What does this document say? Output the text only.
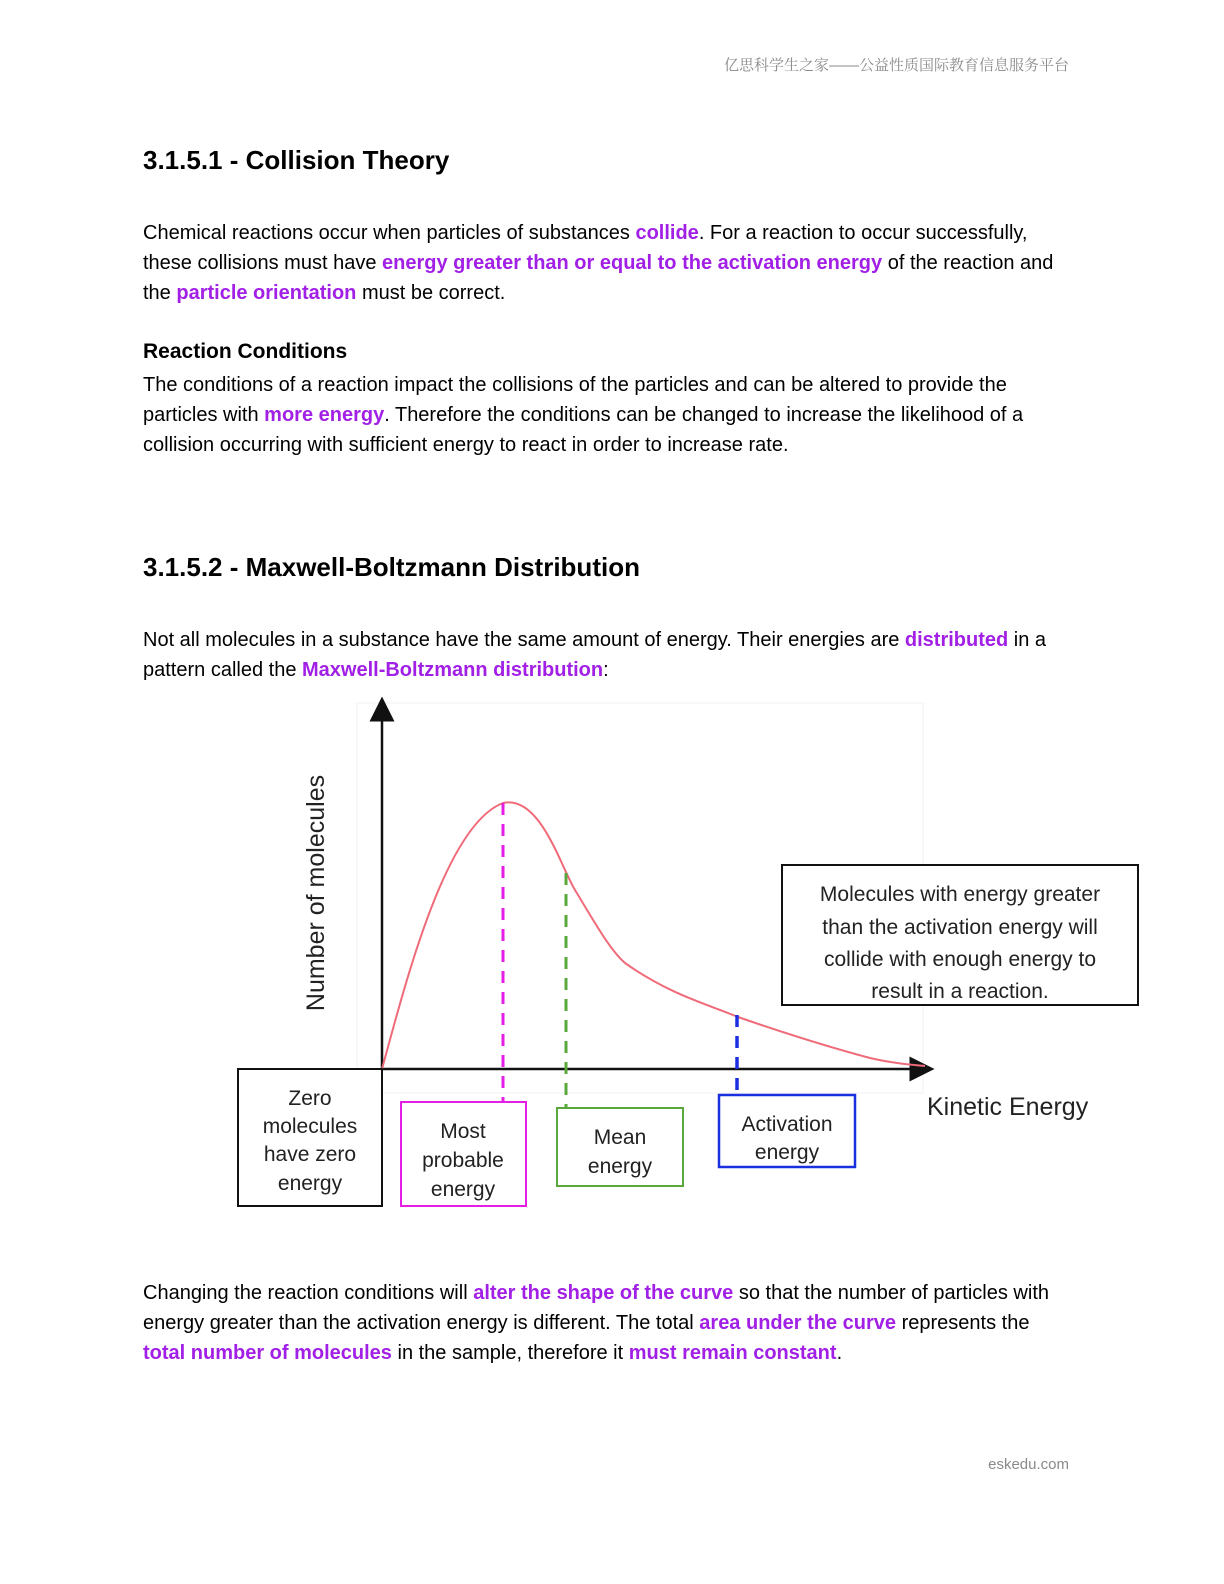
亿思科学生之家——公益性质国际教育信息服务平台
3.1.5.1 - Collision Theory

Chemical reactions occur when particles of substances collide. For a reaction to occur successfully, these collisions must have energy greater than or equal to the activation energy of the reaction and the particle orientation must be correct.

Reaction Conditions

The conditions of a reaction impact the collisions of the particles and can be altered to provide the particles with more energy. Therefore the conditions can be changed to increase the likelihood of a collision occurring with sufficient energy to react in order to increase rate.

3.1.5.2 - Maxwell-Boltzmann Distribution

Not all molecules in a substance have the same amount of energy. Their energies are distributed in a pattern called the Maxwell-Boltzmann distribution:

Number of molecules
Kinetic Energy
Zero
molecules
have zero
energy
Most
probable
energy
Mean
energy
Activation
energy
Molecules with energy greater
than the activation energy will
collide with enough energy to
result in a reaction.

Changing the reaction conditions will alter the shape of the curve so that the number of particles with energy greater than the activation energy is different. The total area under the curve represents the total number of molecules in the sample, therefore it must remain constant.

eskedu.com
